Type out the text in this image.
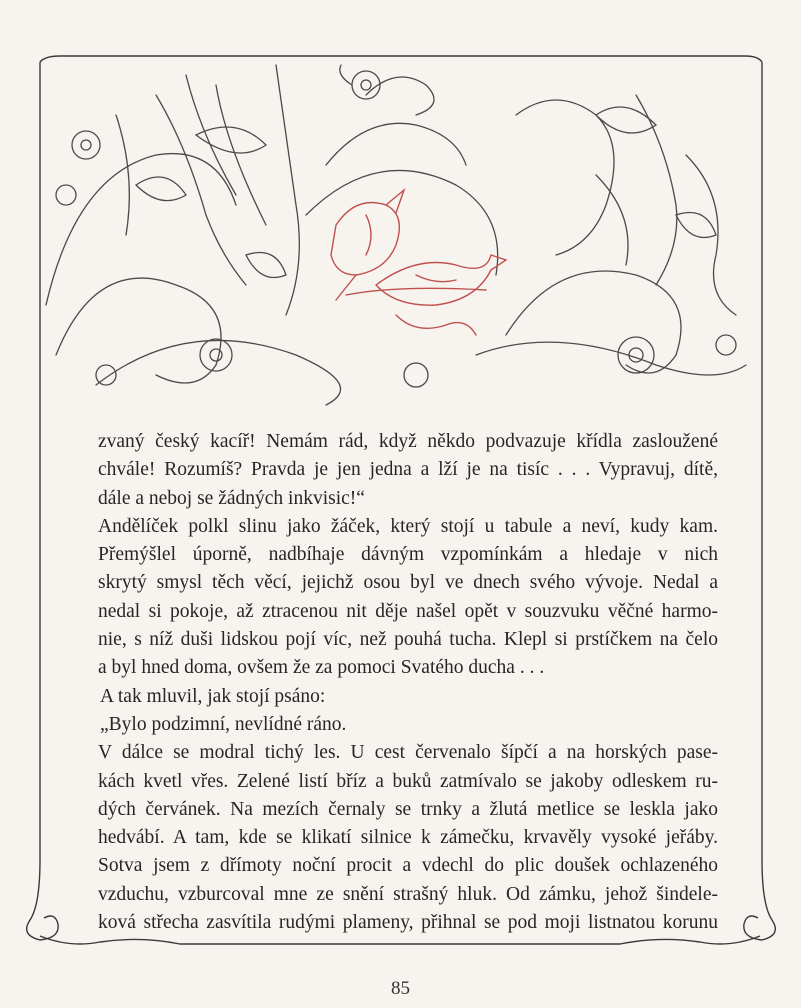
zvaný český kacíř! Nemám rád, když někdo podvazuje křídla zasloužené
chvále! Rozumíš? Pravda je jen jedna a lží je na tisíc . . . Vypravuj, dítě,
dále a neboj se žádných inkvisic!“
Andělíček polkl slinu jako žáček, který stojí u tabule a neví, kudy kam.
Přemýšlel úporně, nadbíhaje dávným vzpomínkám a hledaje v nich
skrytý smysl těch věcí, jejichž osou byl ve dnech svého vývoje. Nedal a
nedal si pokoje, až ztracenou nit děje našel opět v souzvuku věčné harmo-
nie, s níž duši lidskou pojí víc, než pouhá tucha. Klepl si prstíčkem na čelo
a byl hned doma, ovšem že za pomoci Svatého ducha . . .
A tak mluvil, jak stojí psáno:
„Bylo podzimní, nevlídné ráno.
V dálce se modral tichý les. U cest červenalo šípčí a na horských pase-
kách kvetl vřes. Zelené listí bříz a buků zatmívalo se jakoby odleskem ru-
dých červánek. Na mezích černaly se trnky a žlutá metlice se leskla jako
hedvábí. A tam, kde se klikatí silnice k zámečku, krvavěly vysoké jeřáby.
Sotva jsem z dřímoty noční procit a vdechl do plic doušek ochlazeného
vzduchu, vzburcoval mne ze snění strašný hluk. Od zámku, jehož šindele-
ková střecha zasvítila rudými plameny, přihnal se pod moji listnatou korunu
85
